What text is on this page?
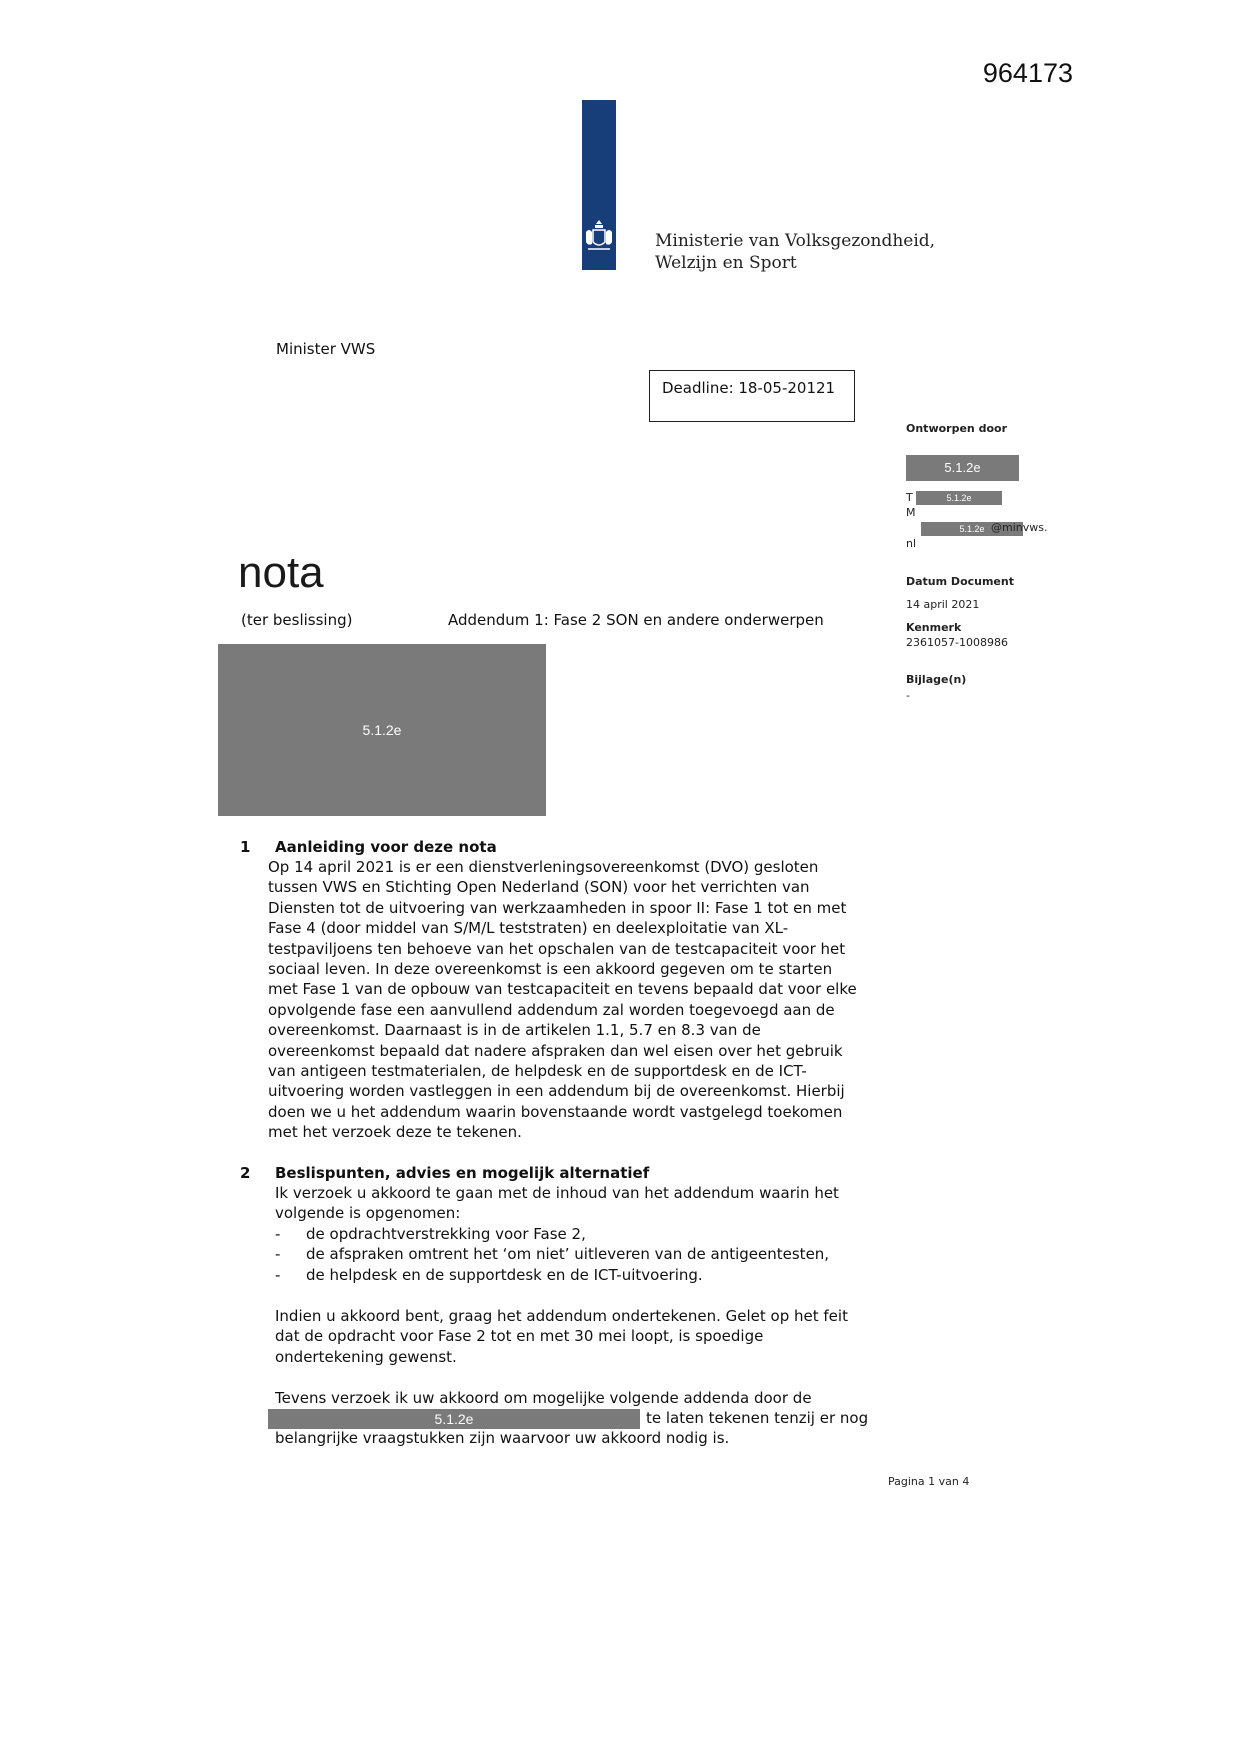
964173
Ministerie van Volksgezondheid,
Welzijn en Sport
Minister VWS
Deadline: 18-05-20121
Ontworpen door
5.1.2e
T	5.1.2e
M
5.1.2e @minvws.
nl
Datum Document
14 april 2021
Kenmerk
2361057-1008986
Bijlage(n)
-
nota
(ter beslissing)	Addendum 1: Fase 2 SON en andere onderwerpen
5.1.2e
1 Aanleiding voor deze nota
Op 14 april 2021 is er een dienstverleningsovereenkomst (DVO) gesloten
tussen VWS en Stichting Open Nederland (SON) voor het verrichten van
Diensten tot de uitvoering van werkzaamheden in spoor II: Fase 1 tot en met
Fase 4 (door middel van S/M/L teststraten) en deelexploitatie van XL-
testpaviljoens ten behoeve van het opschalen van de testcapaciteit voor het
sociaal leven. In deze overeenkomst is een akkoord gegeven om te starten
met Fase 1 van de opbouw van testcapaciteit en tevens bepaald dat voor elke
opvolgende fase een aanvullend addendum zal worden toegevoegd aan de
overeenkomst. Daarnaast is in de artikelen 1.1, 5.7 en 8.3 van de
overeenkomst bepaald dat nadere afspraken dan wel eisen over het gebruik
van antigeen testmaterialen, de helpdesk en de supportdesk en de ICT-
uitvoering worden vastleggen in een addendum bij de overeenkomst. Hierbij
doen we u het addendum waarin bovenstaande wordt vastgelegd toekomen
met het verzoek deze te tekenen.
2 Beslispunten, advies en mogelijk alternatief
Ik verzoek u akkoord te gaan met de inhoud van het addendum waarin het
volgende is opgenomen:
- de opdrachtverstrekking voor Fase 2,
- de afspraken omtrent het ‘om niet’ uitleveren van de antigeentesten,
- de helpdesk en de supportdesk en de ICT-uitvoering.
Indien u akkoord bent, graag het addendum ondertekenen. Gelet op het feit
dat de opdracht voor Fase 2 tot en met 30 mei loopt, is spoedige
ondertekening gewenst.
Tevens verzoek ik uw akkoord om mogelijke volgende addenda door de
5.1.2e	te laten tekenen tenzij er nog
belangrijke vraagstukken zijn waarvoor uw akkoord nodig is.
Pagina 1 van 4
